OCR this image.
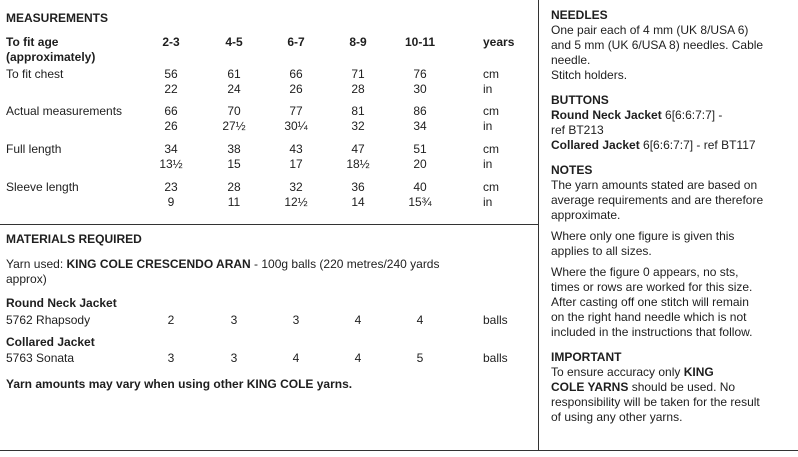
MEASUREMENTS
To fit age
(approximately)
2-3	4-5	6-7	8-9	10-11	years
To fit chest	56	61	66	71	76	cm
22	24	26	28	30	in
Actual measurements	66	70	77	81	86	cm
26	27½	30¼	32	34	in
Full length	34	38	43	47	51	cm
13½	15	17	18½	20	in
Sleeve length	23	28	32	36	40	cm
9	11	12½	14	15¾	in
MATERIALS REQUIRED
Yarn used: KING COLE CRESCENDO ARAN - 100g balls (220 metres/240 yards
approx)
Round Neck Jacket
5762 Rhapsody	2	3	3	4	4	balls
Collared Jacket
5763 Sonata	3	3	4	4	5	balls
Yarn amounts may vary when using other KING COLE yarns.
NEEDLES

One pair each of 4 mm (UK 8/USA 6)

and 5 mm (UK 6/USA 8) needles. Cable

needle.

Stitch holders.

BUTTONS

Round Neck Jacket 6[6:6:7:7] -

ref BT213

Collared Jacket 6[6:6:7:7] - ref BT117

NOTES

The yarn amounts stated are based on

average requirements and are therefore

approximate.

Where only one figure is given this

applies to all sizes.

Where the figure 0 appears, no sts,

times or rows are worked for this size.

After casting off one stitch will remain

on the right hand needle which is not

included in the instructions that follow.

IMPORTANT

To ensure accuracy only KING

COLE YARNS should be used. No

responsibility will be taken for the result

of using any other yarns.
